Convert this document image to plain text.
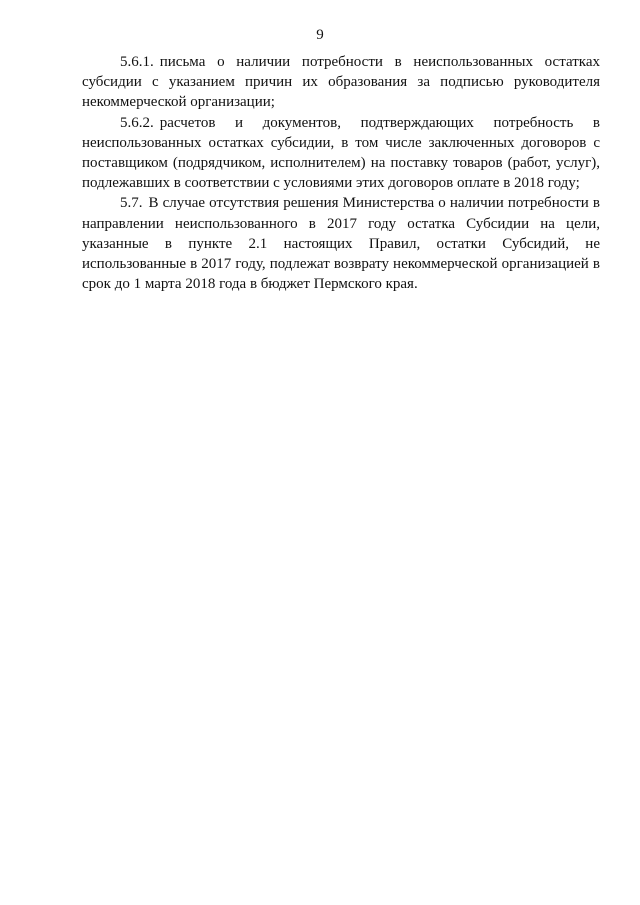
9

5.6.1. письма о наличии потребности в неиспользованных остатках субсидии с указанием причин их образования за подписью руководителя некоммерческой организации;

5.6.2. расчетов и документов, подтверждающих потребность в неиспользованных остатках субсидии, в том числе заключенных договоров с поставщиком (подрядчиком, исполнителем) на поставку товаров (работ, услуг), подлежавших в соответствии с условиями этих договоров оплате в 2018 году;

5.7. В случае отсутствия решения Министерства о наличии потребности в направлении неиспользованного в 2017 году остатка Субсидии на цели, указанные в пункте 2.1 настоящих Правил, остатки Субсидий, не использованные в 2017 году, подлежат возврату некоммерческой организацией в срок до 1 марта 2018 года в бюджет Пермского края.
